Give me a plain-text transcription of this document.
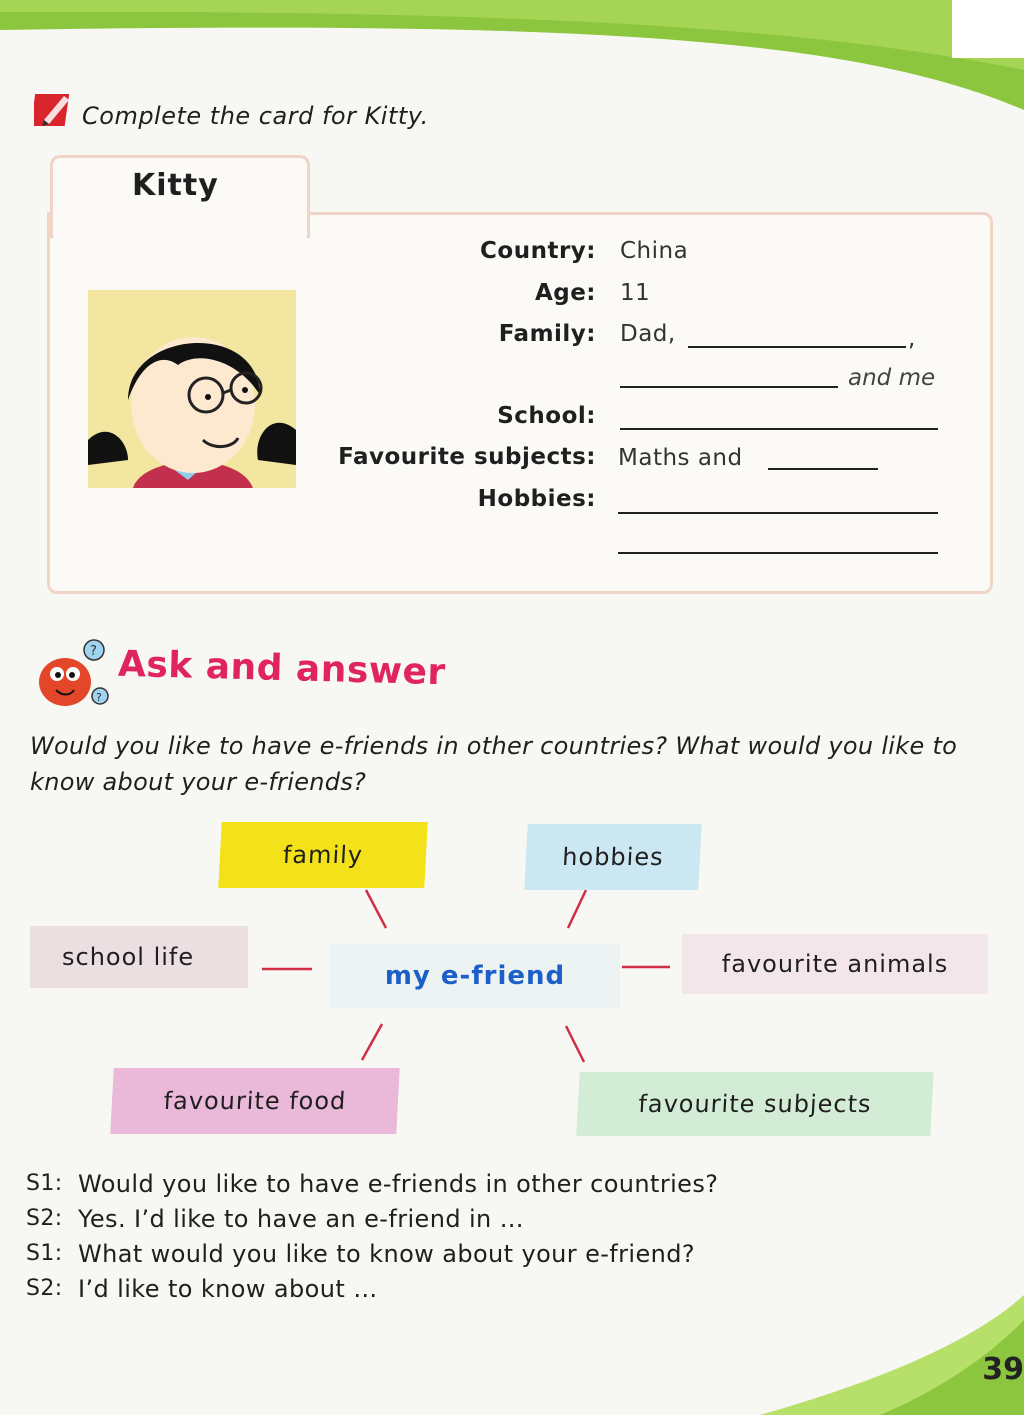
Complete the card for Kitty.
Kitty
Country: China
Age: 11
Family: Dad,	,
and me
School:
Favourite subjects: Maths and
Hobbies:
?
?
Ask and answer
Would you like to have e-friends in other countries? What would you like to know about your e-friends?
family	hobbies
school life
my e-friend	favourite animals
favourite food	favourite subjects
S1: Would you like to have e-friends in other countries?
S2: Yes. I’d like to have an e-friend in …
S1: What would you like to know about your e-friend?
S2: I’d like to know about …
39
